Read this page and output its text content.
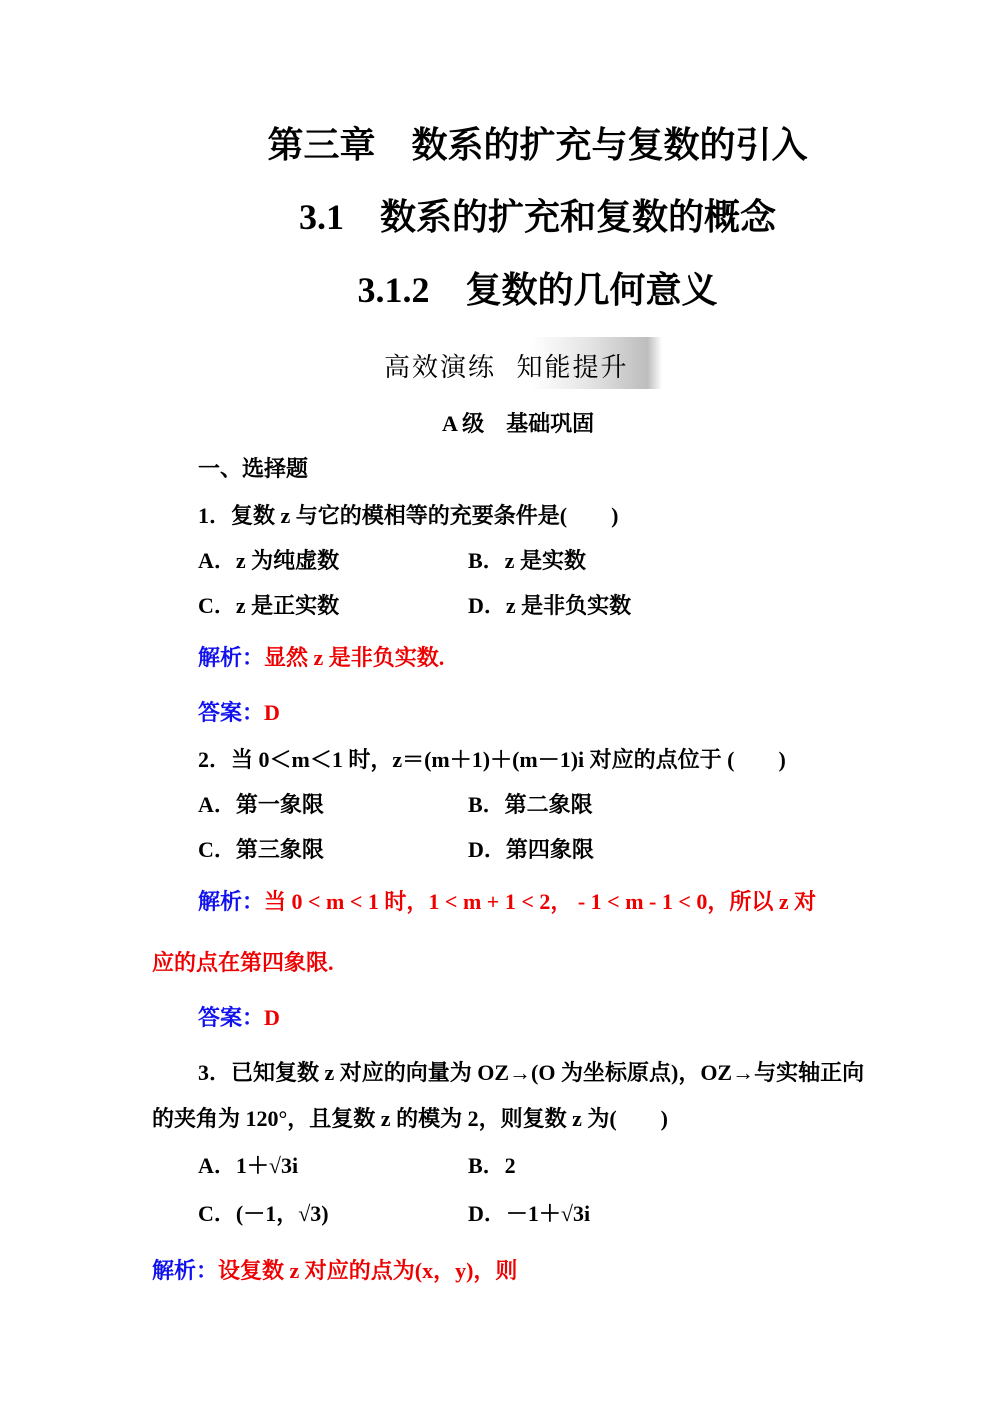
第三章　数系的扩充与复数的引入
3.1　数系的扩充和复数的概念
3.1.2　复数的几何意义
高效演练  知能提升
A 级　基础巩固
一、选择题
1．复数 z 与它的模相等的充要条件是(　　)
A．z 为纯虚数	B．z 是实数
C．z 是正实数	D．z 是非负实数
解析：显然 z 是非负实数.
答案：D
2．当 0＜m＜1 时，z＝(m＋1)＋(m－1)i 对应的点位于 (　　)
A．第一象限	B．第二象限
C．第三象限	D．第四象限
解析：当 0 < m < 1 时，1 < m + 1 < 2， - 1 < m - 1 < 0，所以 z 对
应的点在第四象限.
答案：D
3．已知复数 z 对应的向量为 OZ→(O 为坐标原点)，OZ→与实轴正向
的夹角为 120°，且复数 z 的模为 2，则复数 z 为(　　)
A．1＋√3i	B．2
C．(－1，√3)	D．－1＋√3i
解析：设复数 z 对应的点为(x，y)，则
